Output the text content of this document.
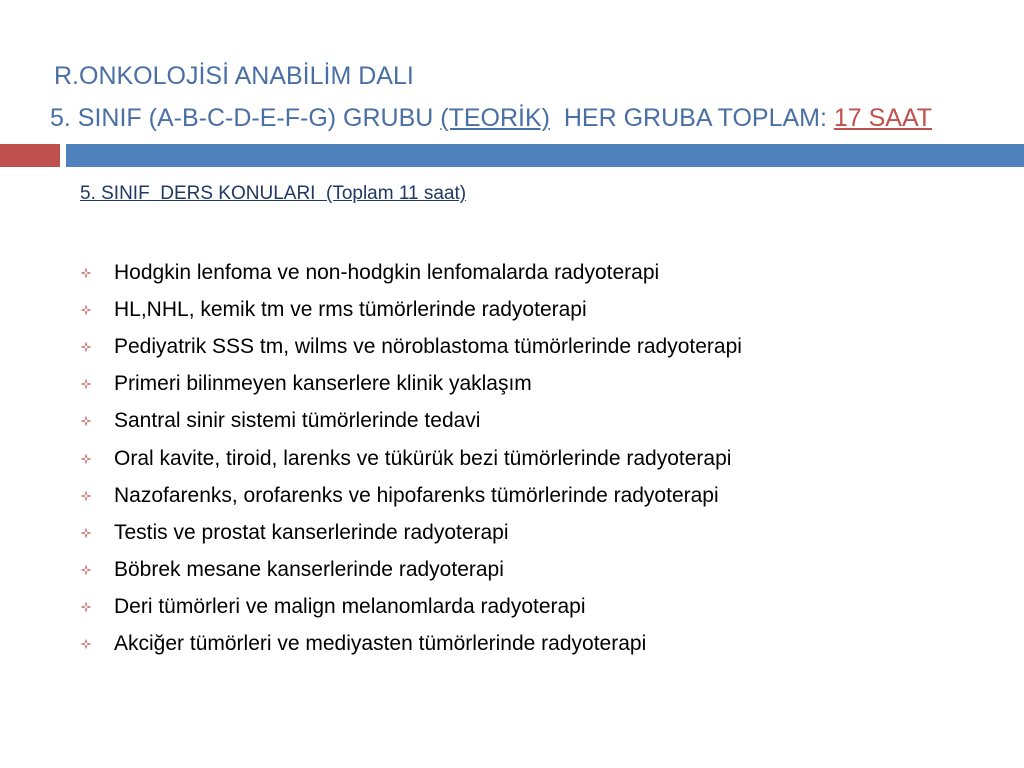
R.ONKOLOJİSİ ANABİLİM DALI
5. SINIF (A-B-C-D-E-F-G) GRUBU (TEORİK)  HER GRUBA TOPLAM: 17 SAAT
5. SINIF  DERS KONULARI  (Toplam 11 saat)
Hodgkin lenfoma ve non-hodgkin lenfomalarda radyoterapi
HL,NHL, kemik tm ve rms tümörlerinde radyoterapi
Pediyatrik SSS tm, wilms ve nöroblastoma tümörlerinde radyoterapi
Primeri bilinmeyen kanserlere klinik yaklaşım
Santral sinir sistemi tümörlerinde tedavi
Oral kavite, tiroid, larenks ve tükürük bezi tümörlerinde radyoterapi
Nazofarenks, orofarenks ve hipofarenks tümörlerinde radyoterapi
Testis ve prostat kanserlerinde radyoterapi
Böbrek mesane kanserlerinde radyoterapi
Deri tümörleri ve malign melanomlarda radyoterapi
Akciğer tümörleri ve mediyasten tümörlerinde radyoterapi
